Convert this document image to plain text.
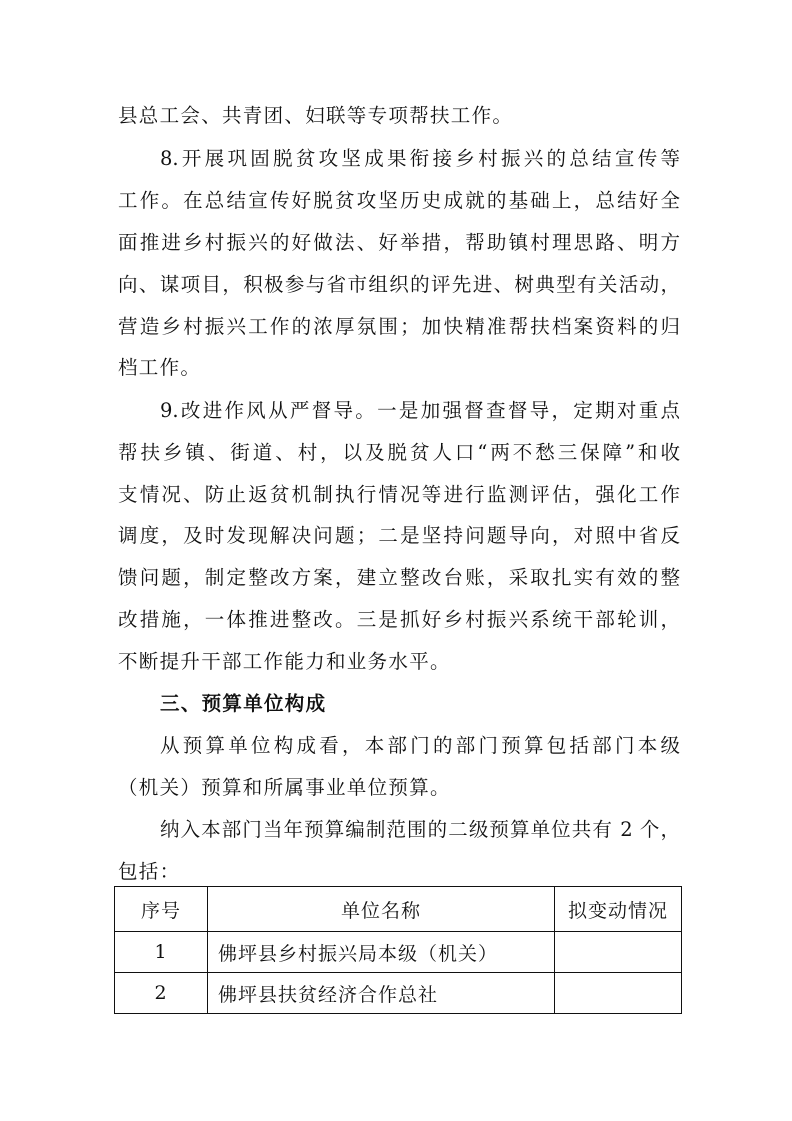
县总工会、共青团、妇联等专项帮扶工作。
8.开展巩固脱贫攻坚成果衔接乡村振兴的总结宣传等
工作。在总结宣传好脱贫攻坚历史成就的基础上，总结好全
面推进乡村振兴的好做法、好举措，帮助镇村理思路、明方
向、谋项目，积极参与省市组织的评先进、树典型有关活动，
营造乡村振兴工作的浓厚氛围；加快精准帮扶档案资料的归
档工作。
9.改进作风从严督导。一是加强督查督导，定期对重点
帮扶乡镇、街道、村，以及脱贫人口“两不愁三保障”和收
支情况、防止返贫机制执行情况等进行监测评估，强化工作
调度，及时发现解决问题；二是坚持问题导向，对照中省反
馈问题，制定整改方案，建立整改台账，采取扎实有效的整
改措施，一体推进整改。三是抓好乡村振兴系统干部轮训，
不断提升干部工作能力和业务水平。
三、预算单位构成
从预算单位构成看，本部门的部门预算包括部门本级
（机关）预算和所属事业单位预算。
纳入本部门当年预算编制范围的二级预算单位共有 2 个，
包括：
序号	单位名称	拟变动情况
1	佛坪县乡村振兴局本级（机关）	
2	佛坪县扶贫经济合作总社	
